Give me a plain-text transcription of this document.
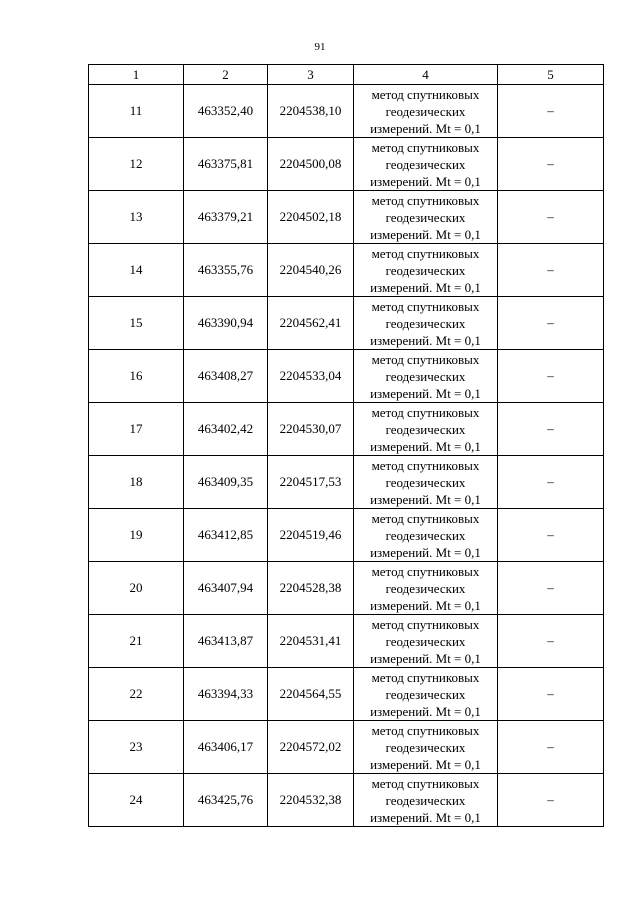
91
1	2	3	4	5
11	463352,40	2204538,10	метод спутниковых
геодезических
измерений. Mt = 0,1	–
12	463375,81	2204500,08	метод спутниковых
геодезических
измерений. Mt = 0,1	–
13	463379,21	2204502,18	метод спутниковых
геодезических
измерений. Mt = 0,1	–
14	463355,76	2204540,26	метод спутниковых
геодезических
измерений. Mt = 0,1	–
15	463390,94	2204562,41	метод спутниковых
геодезических
измерений. Mt = 0,1	–
16	463408,27	2204533,04	метод спутниковых
геодезических
измерений. Mt = 0,1	–
17	463402,42	2204530,07	метод спутниковых
геодезических
измерений. Mt = 0,1	–
18	463409,35	2204517,53	метод спутниковых
геодезических
измерений. Mt = 0,1	–
19	463412,85	2204519,46	метод спутниковых
геодезических
измерений. Mt = 0,1	–
20	463407,94	2204528,38	метод спутниковых
геодезических
измерений. Mt = 0,1	–
21	463413,87	2204531,41	метод спутниковых
геодезических
измерений. Mt = 0,1	–
22	463394,33	2204564,55	метод спутниковых
геодезических
измерений. Mt = 0,1	–
23	463406,17	2204572,02	метод спутниковых
геодезических
измерений. Mt = 0,1	–
24	463425,76	2204532,38	метод спутниковых
геодезических
измерений. Mt = 0,1	–
